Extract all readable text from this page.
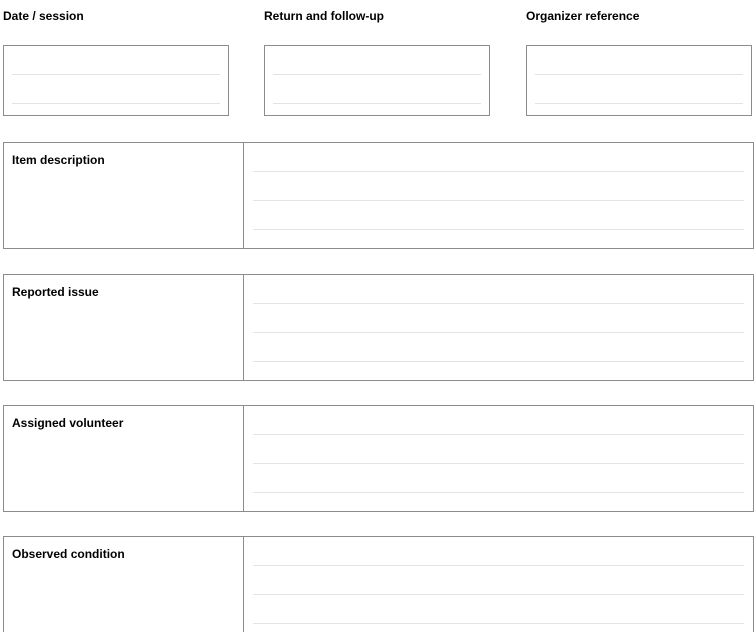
Date / session	Return and follow-up	Organizer reference
Item description
Reported issue
Assigned volunteer
Observed condition
